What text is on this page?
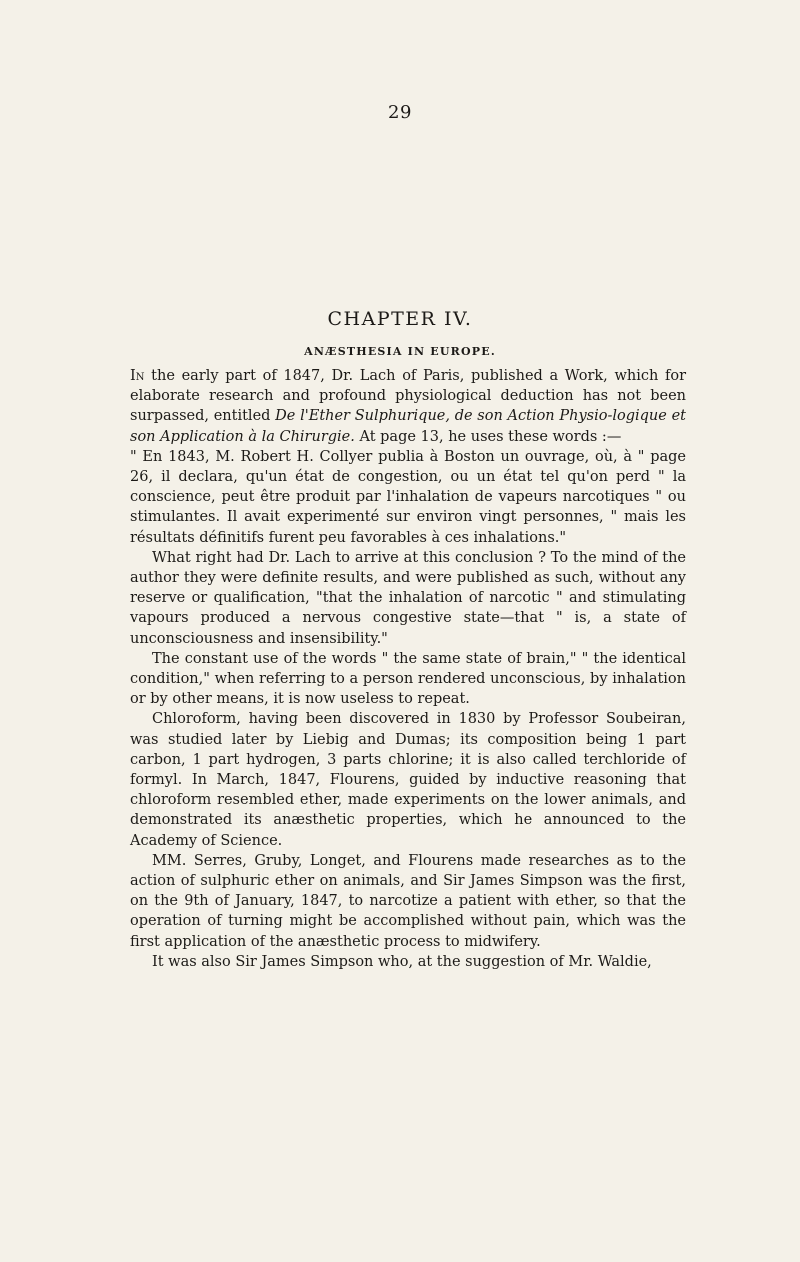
29
CHAPTER IV.
ANÆSTHESIA IN EUROPE.

In the early part of 1847, Dr. Lach of Paris, published a Work, which for elaborate research and profound physiological deduction has not been surpassed, entitled De l'Ether Sulphurique, de son Action Physio-logique et son Application à la Chirurgie. At page 13, he uses these words :—

" En 1843, M. Robert H. Collyer publia à Boston un ouvrage, où, à " page 26, il declara, qu'un état de congestion, ou un état tel qu'on perd " la conscience, peut être produit par l'inhalation de vapeurs narcotiques " ou stimulantes. Il avait experimenté sur environ vingt personnes, " mais les résultats définitifs furent peu favorables à ces inhalations."

What right had Dr. Lach to arrive at this conclusion ? To the mind of the author they were definite results, and were published as such, without any reserve or qualification, "that the inhalation of narcotic " and stimulating vapours produced a nervous congestive state—that " is, a state of unconsciousness and insensibility."

The constant use of the words " the same state of brain," " the identical condition," when referring to a person rendered unconscious, by inhalation or by other means, it is now useless to repeat.

Chloroform, having been discovered in 1830 by Professor Soubeiran, was studied later by Liebig and Dumas; its composition being 1 part carbon, 1 part hydrogen, 3 parts chlorine; it is also called terchloride of formyl. In March, 1847, Flourens, guided by inductive reasoning that chloroform resembled ether, made experiments on the lower animals, and demonstrated its anæsthetic properties, which he announced to the Academy of Science.

MM. Serres, Gruby, Longet, and Flourens made researches as to the action of sulphuric ether on animals, and Sir James Simpson was the first, on the 9th of January, 1847, to narcotize a patient with ether, so that the operation of turning might be accomplished without pain, which was the first application of the anæsthetic process to midwifery.

It was also Sir James Simpson who, at the suggestion of Mr. Waldie,
